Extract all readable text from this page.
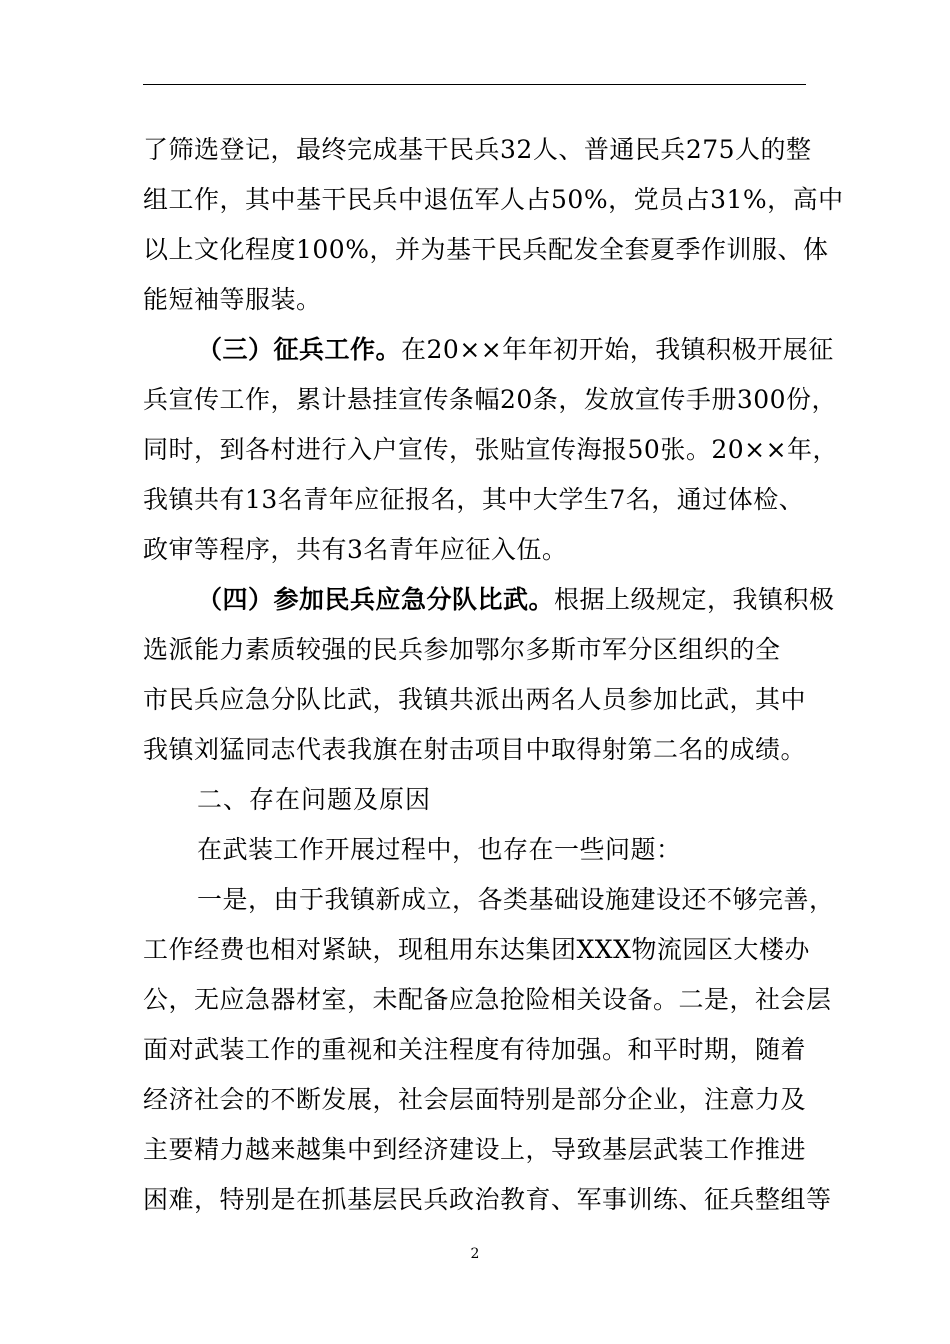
了筛选登记，最终完成基干民兵32人、普通民兵275人的整
组工作，其中基干民兵中退伍军人占50%，党员占31%，高中
以上文化程度100%，并为基干民兵配发全套夏季作训服、体
能短袖等服装。
（三）征兵工作。在20××年年初开始，我镇积极开展征
兵宣传工作，累计悬挂宣传条幅20条，发放宣传手册300份，
同时，到各村进行入户宣传，张贴宣传海报50张。20××年，
我镇共有13名青年应征报名，其中大学生7名，通过体检、
政审等程序，共有3名青年应征入伍。
（四）参加民兵应急分队比武。根据上级规定，我镇积极
选派能力素质较强的民兵参加鄂尔多斯市军分区组织的全
市民兵应急分队比武，我镇共派出两名人员参加比武，其中
我镇刘猛同志代表我旗在射击项目中取得射第二名的成绩。
二、存在问题及原因
在武装工作开展过程中，也存在一些问题：
一是，由于我镇新成立，各类基础设施建设还不够完善，
工作经费也相对紧缺，现租用东达集团XXX物流园区大楼办
公，无应急器材室，未配备应急抢险相关设备。二是，社会层
面对武装工作的重视和关注程度有待加强。和平时期，随着
经济社会的不断发展，社会层面特别是部分企业，注意力及
主要精力越来越集中到经济建设上，导致基层武装工作推进
困难，特别是在抓基层民兵政治教育、军事训练、征兵整组等
2
